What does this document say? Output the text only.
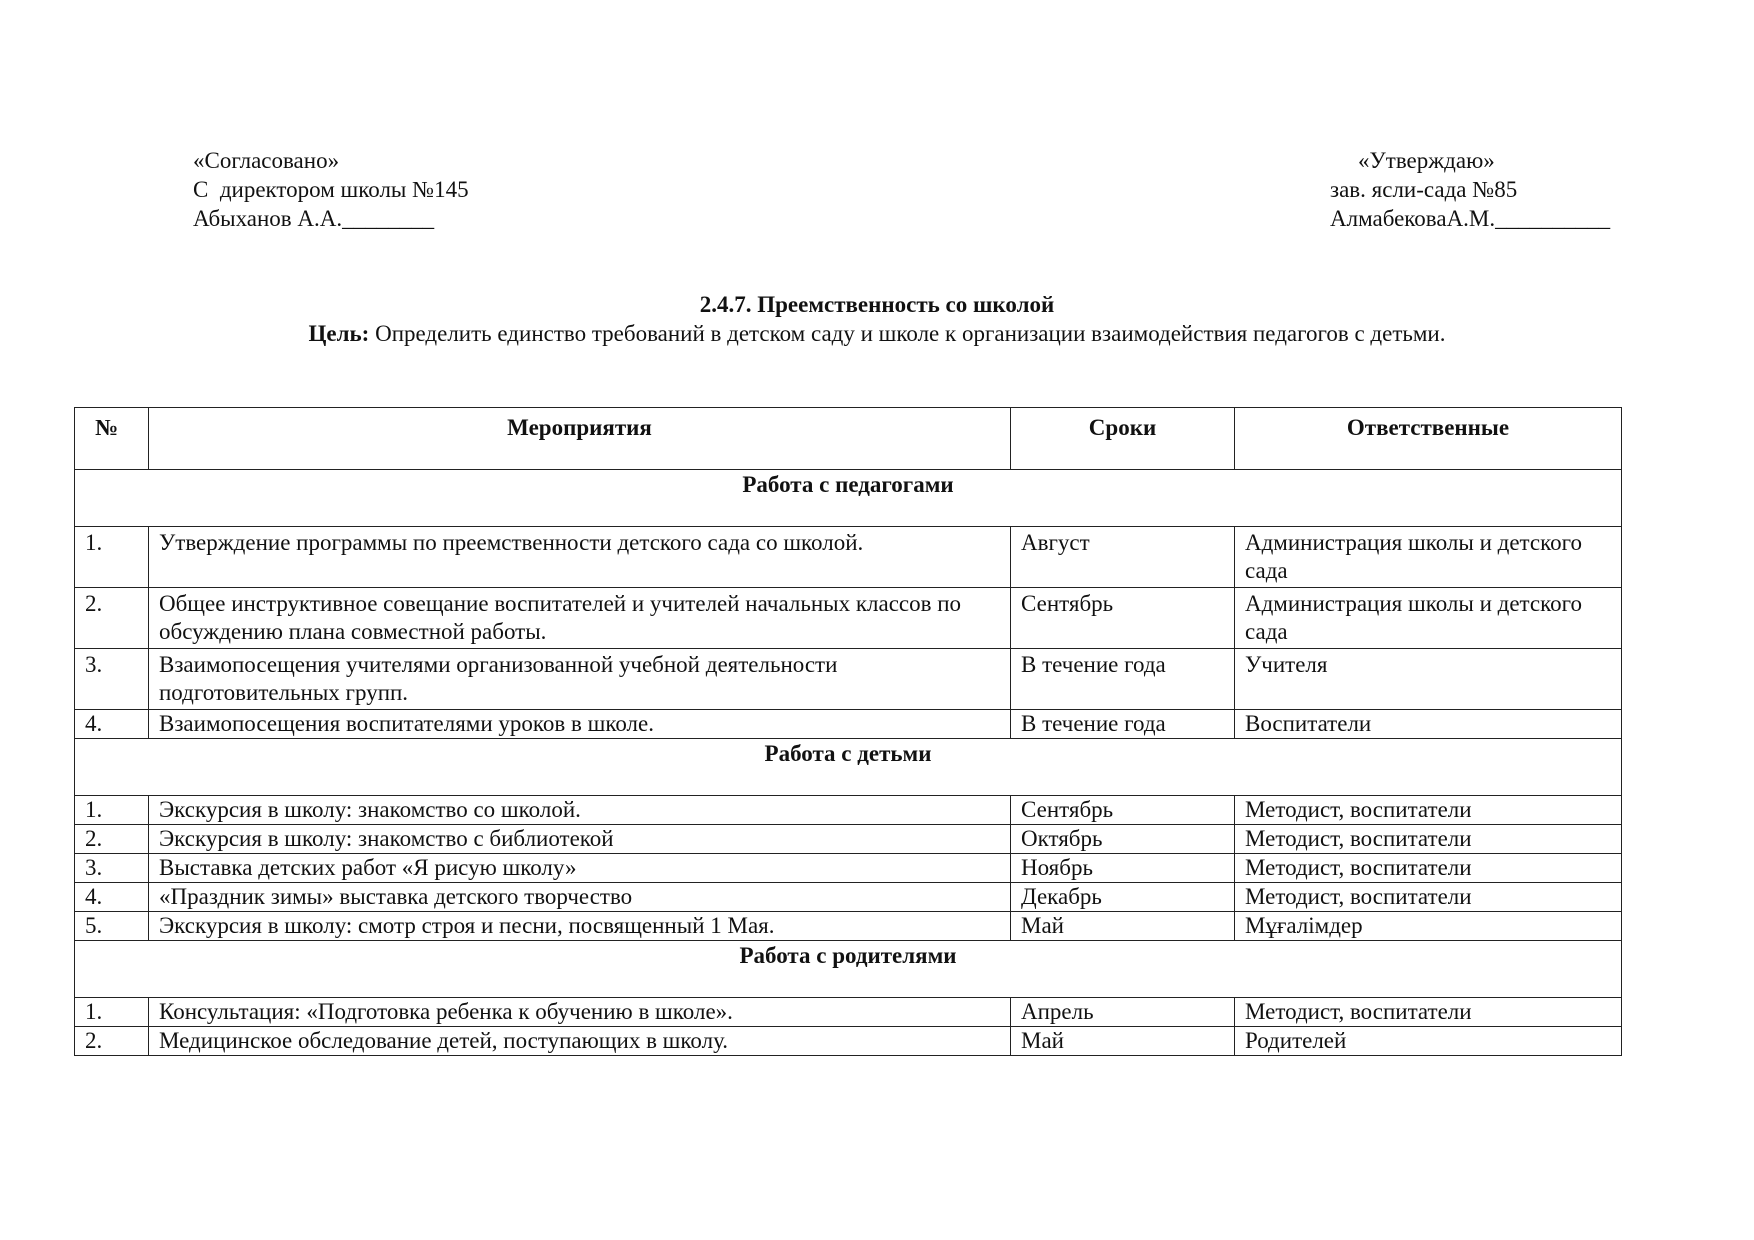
«Согласовано»
С  директором школы №145
Абыханов А.А.________
«Утверждаю»
зав. ясли-сада №85
АлмабековаА.М.__________
2.4.7. Преемственность со школой
Цель: Определить единство требований в детском саду и школе к организации взаимодействия педагогов с детьми.
№	Мероприятия	Сроки	Ответственные
Работа с педагогами			
1.	Утверждение программы по преемственности детского сада со школой.	Август	Администрация школы и детского сада
2.	Общее инструктивное совещание воспитателей и учителей начальных классов по обсуждению плана совместной работы.	Сентябрь	Администрация школы и детского сада
3.	Взаимопосещения учителями организованной учебной деятельности подготовительных групп.	В течение года	Учителя
4.	Взаимопосещения воспитателями уроков в школе.	В течение года	Воспитатели
Работа с детьми			
1.	Экскурсия в школу: знакомство со школой.	Сентябрь	Методист, воспитатели
2.	Экскурсия в школу: знакомство с библиотекой	Октябрь	Методист, воспитатели
3.	Выставка детских работ «Я рисую школу»	Ноябрь	Методист, воспитатели
4.	«Праздник зимы» выставка детского творчество	Декабрь	Методист, воспитатели
5.	Экскурсия в школу: смотр строя и песни, посвященный 1 Мая.	Май	Мұғалімдер
Работа с родителями			
1.	Консультация: «Подготовка ребенка к обучению в школе».	Апрель	Методист, воспитатели
2.	Медицинское обследование детей, поступающих в школу.	Май	Родителей
